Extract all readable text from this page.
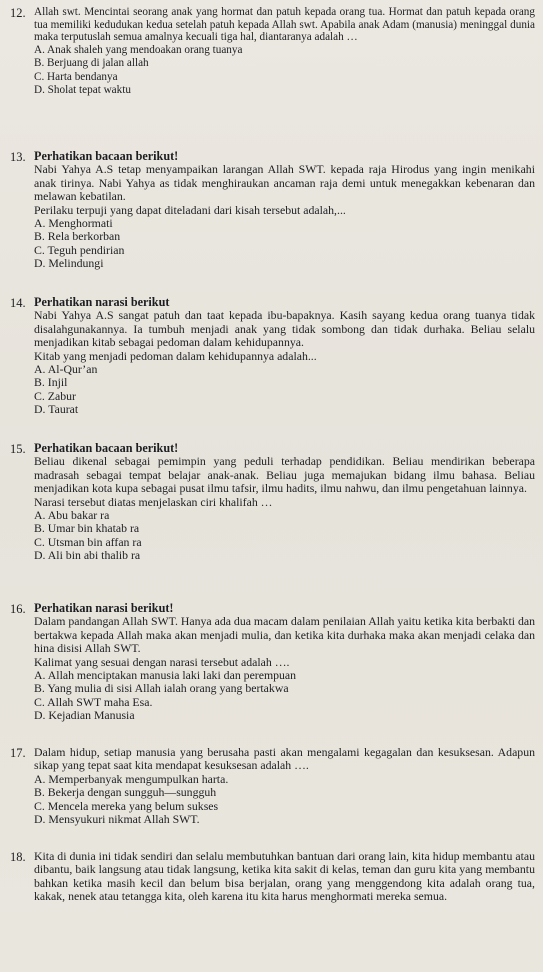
12. Allah swt. Mencintai seorang anak yang hormat dan patuh kepada orang tua. Hormat dan patuh kepada orang tua memiliki kedudukan kedua setelah patuh kepada Allah swt. Apabila anak Adam (manusia) meninggal dunia maka terputuslah semua amalnya kecuali tiga hal, diantaranya adalah …
A. Anak shaleh yang mendoakan orang tuanya
B. Berjuang di jalan allah
C. Harta bendanya
D. Sholat tepat waktu
13. Perhatikan bacaan berikut!
Nabi Yahya A.S tetap menyampaikan larangan Allah SWT. kepada raja Hirodus yang ingin menikahi anak tirinya. Nabi Yahya as tidak menghiraukan ancaman raja demi untuk menegakkan kebenaran dan melawan kebatilan.
Perilaku terpuji yang dapat diteladani dari kisah tersebut adalah,...
A. Menghormati
B. Rela berkorban
C. Teguh pendirian
D. Melindungi
14. Perhatikan narasi berikut
Nabi Yahya A.S sangat patuh dan taat kepada ibu-bapaknya. Kasih sayang kedua orang tuanya tidak disalahgunakannya. Ia tumbuh menjadi anak yang tidak sombong dan tidak durhaka. Beliau selalu menjadikan kitab sebagai pedoman dalam kehidupannya.
Kitab yang menjadi pedoman dalam kehidupannya adalah...
A. Al-Qur’an
B. Injil
C. Zabur
D. Taurat
15. Perhatikan bacaan berikut!
Beliau dikenal sebagai pemimpin yang peduli terhadap pendidikan. Beliau mendirikan beberapa madrasah sebagai tempat belajar anak-anak. Beliau juga memajukan bidang ilmu bahasa. Beliau menjadikan kota kupa sebagai pusat ilmu tafsir, ilmu hadits, ilmu nahwu, dan ilmu pengetahuan lainnya.
Narasi tersebut diatas menjelaskan ciri khalifah …
A. Abu bakar ra
B. Umar bin khatab ra
C. Utsman bin affan ra
D. Ali bin abi thalib ra
16. Perhatikan narasi berikut!
Dalam pandangan Allah SWT. Hanya ada dua macam dalam penilaian Allah yaitu ketika kita berbakti dan bertakwa kepada Allah maka akan menjadi mulia, dan ketika kita durhaka maka akan menjadi celaka dan hina disisi Allah SWT.
Kalimat yang sesuai dengan narasi tersebut adalah ….
A. Allah menciptakan manusia laki laki dan perempuan
B. Yang mulia di sisi Allah ialah orang yang bertakwa
C. Allah SWT maha Esa.
D. Kejadian Manusia
17. Dalam hidup, setiap manusia yang berusaha pasti akan mengalami kegagalan dan kesuksesan. Adapun sikap yang tepat saat kita mendapat kesuksesan adalah ….
A. Memperbanyak mengumpulkan harta.
B. Bekerja dengan sungguh—sungguh
C. Mencela mereka yang belum sukses
D. Mensyukuri nikmat Allah SWT.
18. Kita di dunia ini tidak sendiri dan selalu membutuhkan bantuan dari orang lain, kita hidup membantu atau dibantu, baik langsung atau tidak langsung, ketika kita sakit di kelas, teman dan guru kita yang membantu bahkan ketika masih kecil dan belum bisa berjalan, orang yang menggendong kita adalah orang tua, kakak, nenek atau tetangga kita, oleh karena itu kita harus menghormati mereka semua.
